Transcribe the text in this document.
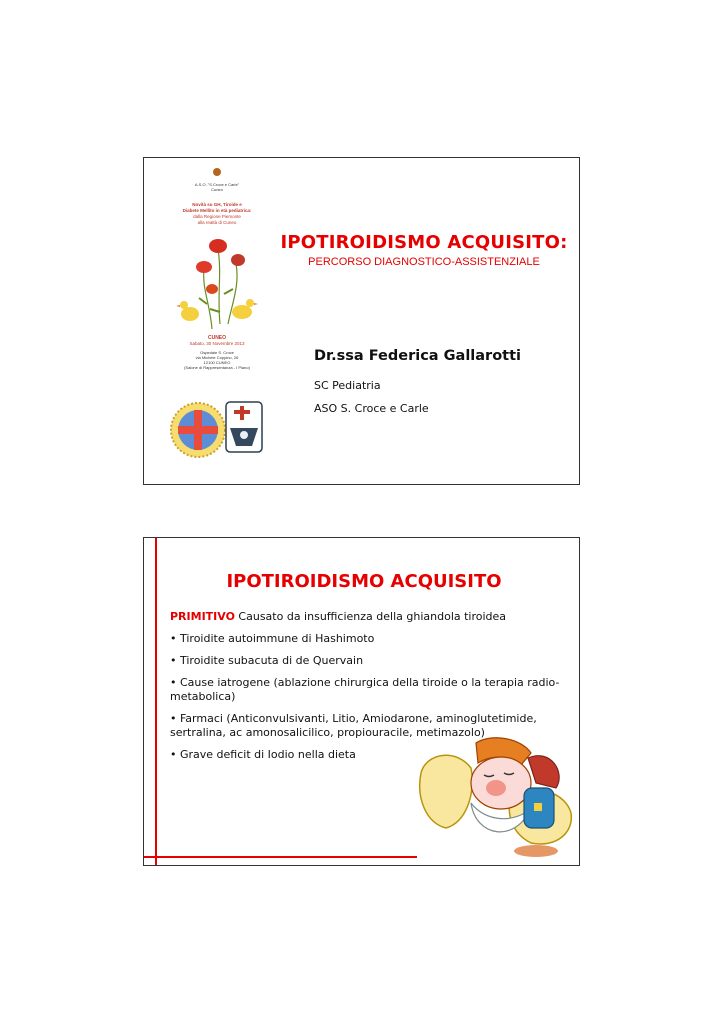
A.S.O. "S.Croce e Carle"
Cuneo
Novità su GH, Tiroide e
Diabete Mellito in età pediatrica:
dalla Regione Piemonte
alla realtà di Cuneo
CUNEO
Sabato, 30 Novembre 2013
Ospedale S. Croce
via Michele Coppino, 26
12100 CUNEO
(Salone di Rappresentanza - I Piano)
IPOTIROIDISMO ACQUISITO:
PERCORSO DIAGNOSTICO-ASSISTENZIALE
Dr.ssa Federica Gallarotti
SC Pediatria
ASO S. Croce e Carle
IPOTIROIDISMO ACQUISITO
PRIMITIVO Causato da insufficienza della ghiandola tiroidea
• Tiroidite autoimmune di Hashimoto
• Tiroidite subacuta di de Quervain
• Cause iatrogene (ablazione chirurgica della tiroide o la terapia radio-metabolica)
• Farmaci (Anticonvulsivanti, Litio, Amiodarone, aminoglutetimide, sertralina, ac amonosalicilico, propiouracile, metimazolo)
• Grave deficit di Iodio nella dieta
